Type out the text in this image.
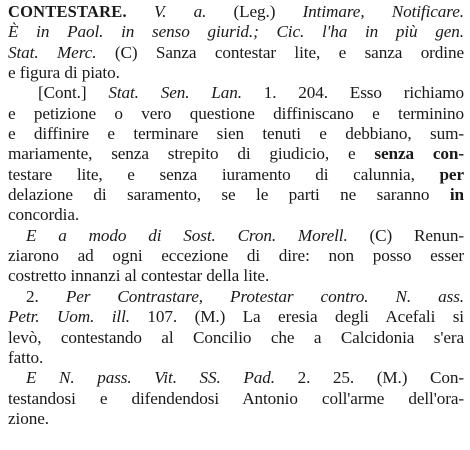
CONTESTARE. V. a. (Leg.) Intimare, Notificare.
È in Paol. in senso giurid.; Cic. l'ha in più gen.
Stat. Merc. (C) Sanza contestar lite, e sanza ordine
e figura di piato.
[Cont.] Stat. Sen. Lan. 1. 204. Esso richiamo
e petizione o vero questione diffiniscano e terminino
e diffinire e terminare sien tenuti e debbiano, sum-
mariamente, senza strepito di giudicio, e senza con-
testare lite, e senza iuramento di calunnia, per
delazione di saramento, se le parti ne saranno in
concordia.
E a modo di Sost. Cron. Morell. (C) Renun-
ziarono ad ogni eccezione di dire: non posso esser
costretto innanzi al contestar della lite.
2. Per Contrastare, Protestar contro. N. ass.
Petr. Uom. ill. 107. (M.) La eresia degli Acefali si
levò, contestando al Concilio che a Calcidonia s'era
fatto.
E N. pass. Vit. SS. Pad. 2. 25. (M.) Con-
testandosi e difendendosi Antonio coll'arme dell'ora-
zione.
